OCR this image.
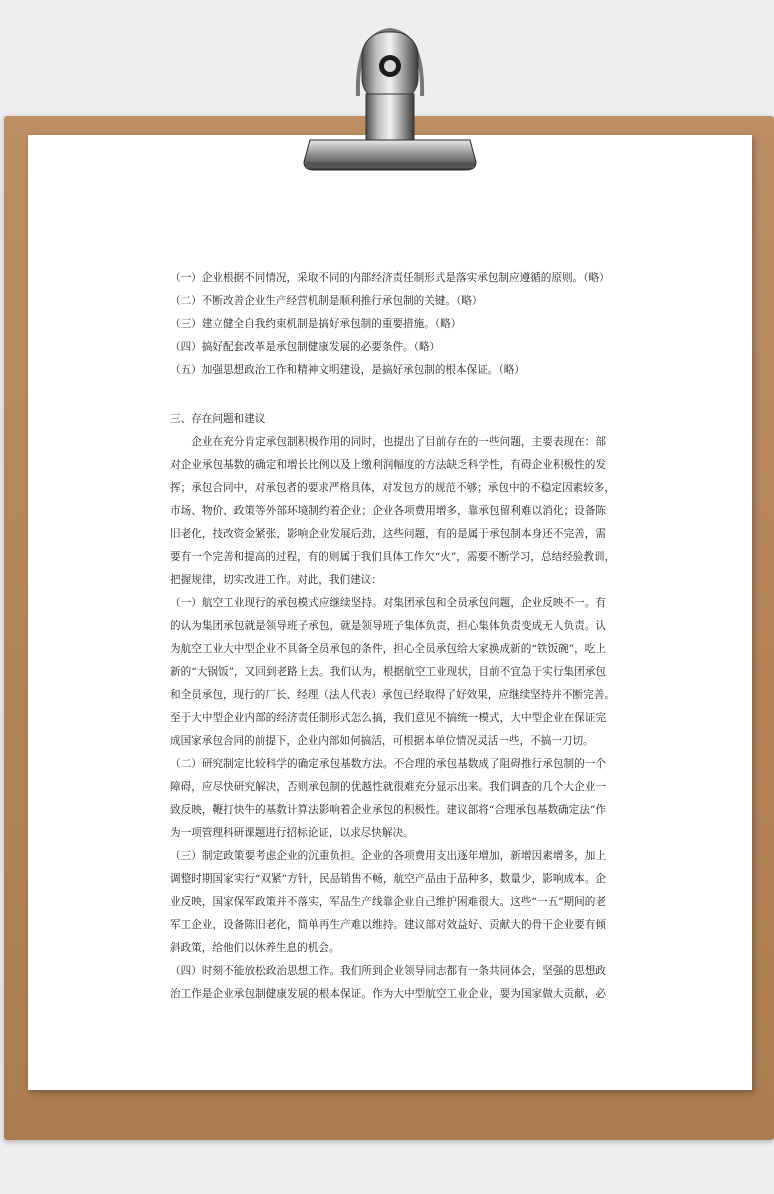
（一）企业根据不同情况，采取不同的内部经济责任制形式是落实承包制应遵循的原则。（略）
（二）不断改善企业生产经营机制是顺利推行承包制的关键。（略）
（三）建立健全自我约束机制是搞好承包制的重要措施。（略）
（四）搞好配套改革是承包制健康发展的必要条件。（略）
（五）加强思想政治工作和精神文明建设，是搞好承包制的根本保证。（略）
三、存在问题和建议
　　企业在充分肯定承包制积极作用的同时，也提出了目前存在的一些问题，主要表现在：部
对企业承包基数的确定和增长比例以及上缴利润幅度的方法缺乏科学性，有碍企业积极性的发
挥；承包合同中，对承包者的要求严格具体，对发包方的规范不够；承包中的不稳定因素较多，
市场、物价、政策等外部环境制约着企业；企业各项费用增多，靠承包留利难以消化；设备陈
旧老化，技改资金紧张，影响企业发展后劲，这些问题，有的是属于承包制本身还不完善，需
要有一个完善和提高的过程，有的则属于我们具体工作欠“火”，需要不断学习，总结经验教训，
把握规律，切实改进工作。对此，我们建议：
（一）航空工业现行的承包模式应继续坚持。对集团承包和全员承包问题，企业反映不一。有
的认为集团承包就是领导班子承包，就是领导班子集体负责，担心集体负责变成无人负责。认
为航空工业大中型企业不具备全员承包的条件，担心全员承包给大家换成新的“铁饭碗”，吃上
新的“大锅饭”，又回到老路上去。我们认为，根据航空工业现状，目前不宜急于实行集团承包
和全员承包，现行的厂长、经理（法人代表）承包已经取得了好效果，应继续坚持并不断完善。
至于大中型企业内部的经济责任制形式怎么搞，我们意见不搞统一模式，大中型企业在保证完
成国家承包合同的前提下，企业内部如何搞活，可根据本单位情况灵活一些，不搞一刀切。
（二）研究制定比较科学的确定承包基数方法。不合理的承包基数成了阻碍推行承包制的一个
障碍，应尽快研究解决，否则承包制的优越性就很难充分显示出来。我们调查的几个大企业一
致反映，鞭打快牛的基数计算法影响着企业承包的积极性。建议部将“合理承包基数确定法”作
为一项管理科研课题进行招标论证，以求尽快解决。
（三）制定政策要考虑企业的沉重负担。企业的各项费用支出逐年增加，新增因素增多，加上
调整时期国家实行“双紧”方针，民品销售不畅，航空产品由于品种多，数量少，影响成本。企
业反映，国家保军政策并不落实，军品生产线靠企业自己维护困难很大。这些“一五”期间的老
军工企业，设备陈旧老化，简单再生产难以维持。建议部对效益好、贡献大的骨干企业要有倾
斜政策，给他们以休养生息的机会。
（四）时刻不能放松政治思想工作。我们所到企业领导同志都有一条共同体会，坚强的思想政
治工作是企业承包制健康发展的根本保证。作为大中型航空工业企业，要为国家做大贡献，必
